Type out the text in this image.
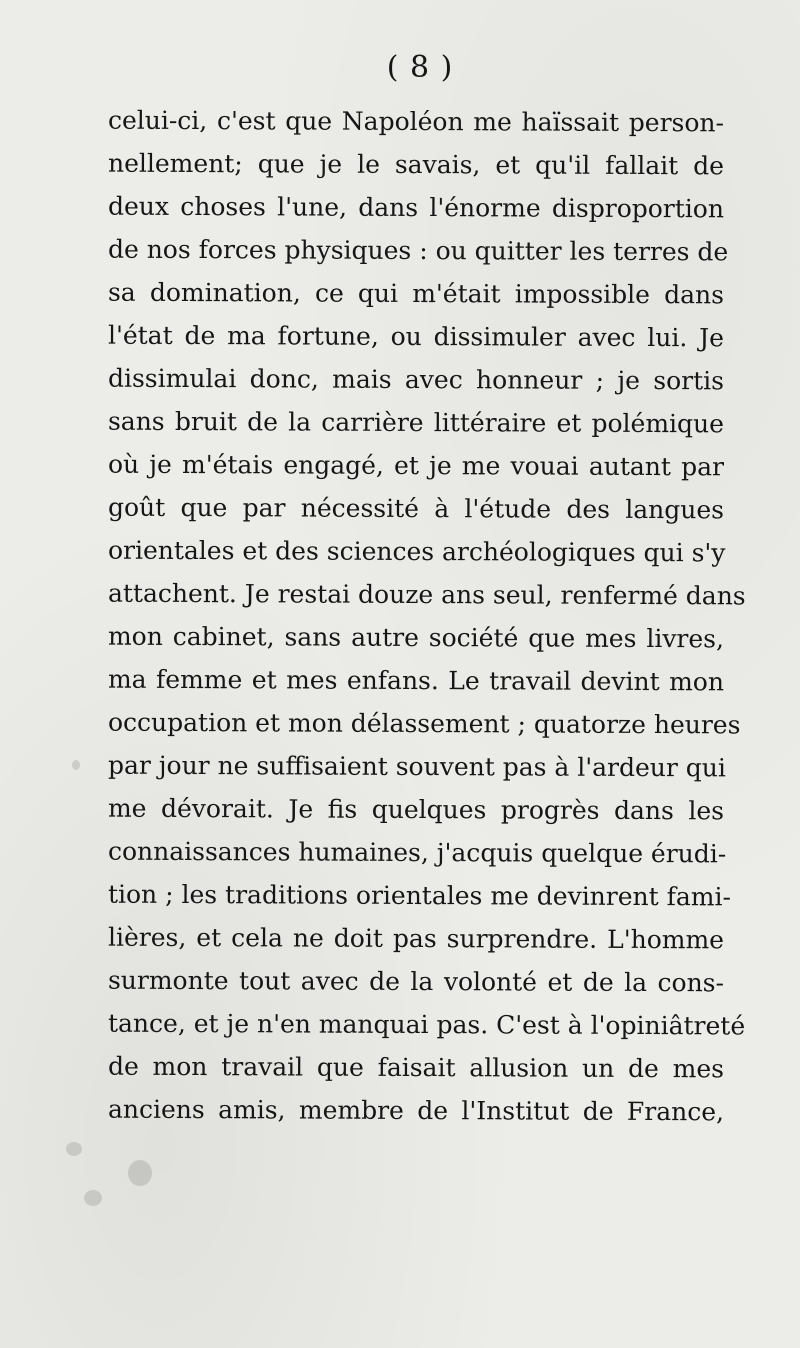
( 8 )
celui-ci, c'est que Napoléon me haïssait person-
nellement; que je le savais, et qu'il fallait de
deux choses l'une, dans l'énorme disproportion
de nos forces physiques : ou quitter les terres de
sa domination, ce qui m'était impossible dans
l'état de ma fortune, ou dissimuler avec lui. Je
dissimulai donc, mais avec honneur ; je sortis
sans bruit de la carrière littéraire et polémique
où je m'étais engagé, et je me vouai autant par
goût que par nécessité à l'étude des langues
orientales et des sciences archéologiques qui s'y
attachent. Je restai douze ans seul, renfermé dans
mon cabinet, sans autre société que mes livres,
ma femme et mes enfans. Le travail devint mon
occupation et mon délassement ; quatorze heures
par jour ne suffisaient souvent pas à l'ardeur qui
me dévorait. Je fis quelques progrès dans les
connaissances humaines, j'acquis quelque érudi-
tion ; les traditions orientales me devinrent fami-
lières, et cela ne doit pas surprendre. L'homme
surmonte tout avec de la volonté et de la cons-
tance, et je n'en manquai pas. C'est à l'opiniâtreté
de mon travail que faisait allusion un de mes
anciens amis, membre de l'Institut de France,
